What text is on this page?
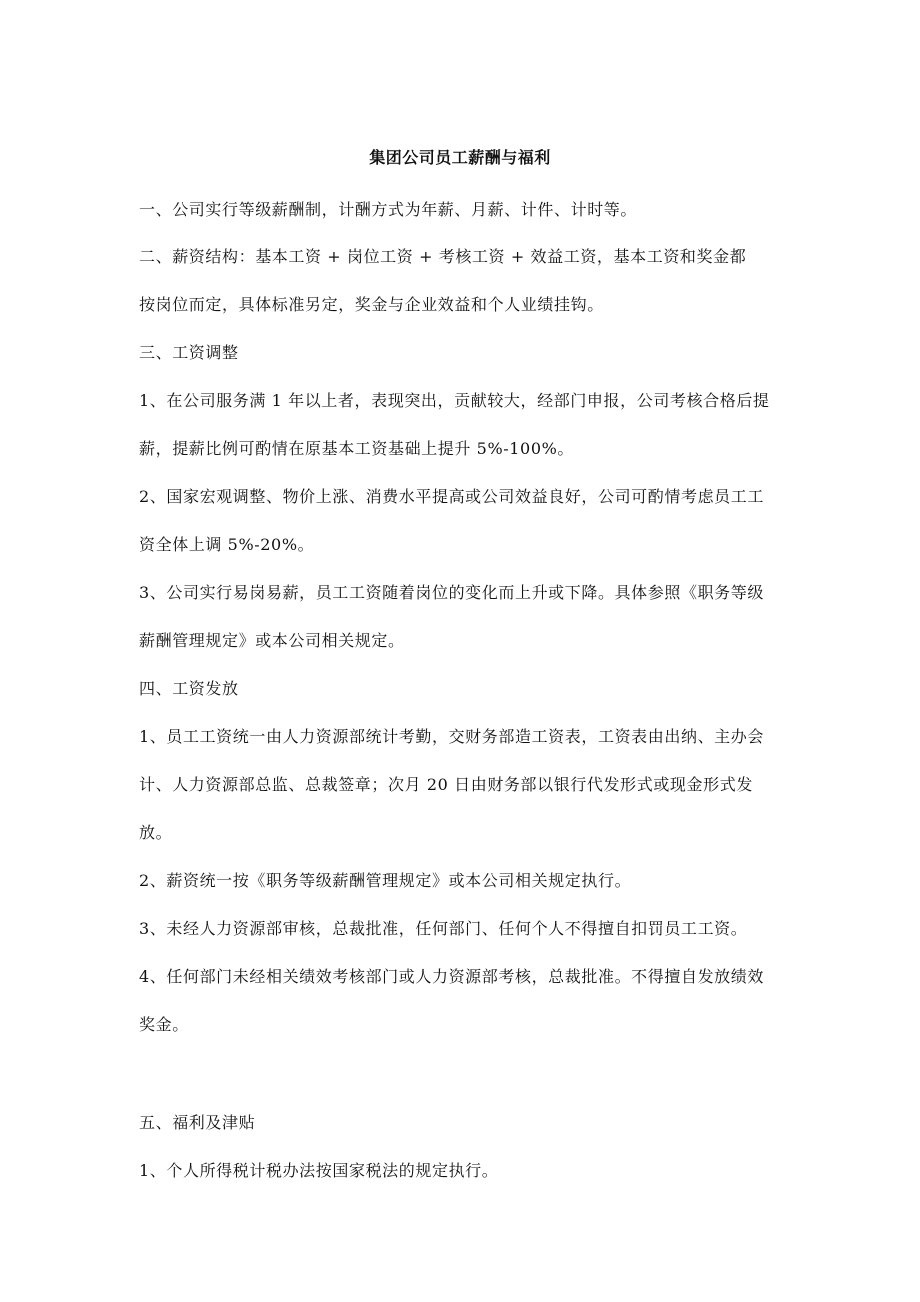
集团公司员工薪酬与福利
一、公司实行等级薪酬制，计酬方式为年薪、月薪、计件、计时等。
二、薪资结构：基本工资 + 岗位工资 + 考核工资 + 效益工资，基本工资和奖金都
按岗位而定，具体标准另定，奖金与企业效益和个人业绩挂钩。
三、工资调整
1、在公司服务满 1 年以上者，表现突出，贡献较大，经部门申报，公司考核合格后提
薪，提薪比例可酌情在原基本工资基础上提升 5%-100%。
2、国家宏观调整、物价上涨、消费水平提高或公司效益良好，公司可酌情考虑员工工
资全体上调 5%-20%。
3、公司实行易岗易薪，员工工资随着岗位的变化而上升或下降。具体参照《职务等级
薪酬管理规定》或本公司相关规定。
四、工资发放
1、员工工资统一由人力资源部统计考勤，交财务部造工资表，工资表由出纳、主办会
计、人力资源部总监、总裁签章；次月 20 日由财务部以银行代发形式或现金形式发
放。
2、薪资统一按《职务等级薪酬管理规定》或本公司相关规定执行。
3、未经人力资源部审核，总裁批准，任何部门、任何个人不得擅自扣罚员工工资。
4、任何部门未经相关绩效考核部门或人力资源部考核，总裁批准。不得擅自发放绩效
奖金。
五、福利及津贴
1、个人所得税计税办法按国家税法的规定执行。
